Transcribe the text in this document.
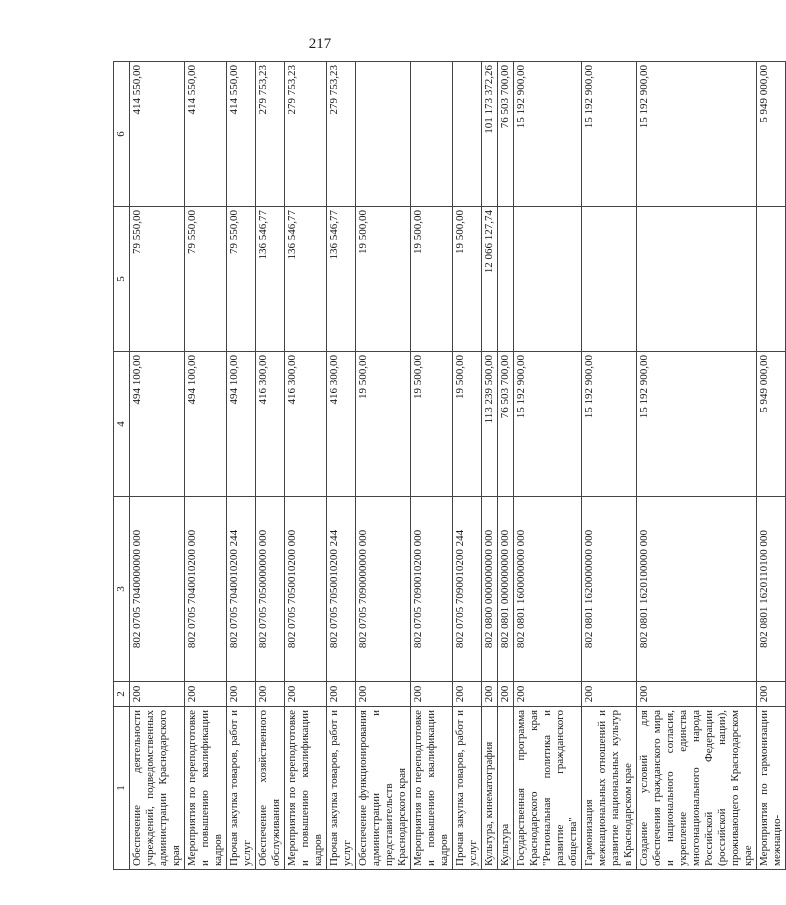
217
1	2	3	4	5	6
Обеспечение деятельности учреждений, подведомственных администрации Краснодарского края	200	802 0705 7040000000 000	494 100,00	79 550,00	414 550,00
Мероприятия по переподготовке и повышению квалификации кадров	200	802 0705 7040010200 000	494 100,00	79 550,00	414 550,00
Прочая закупка товаров, работ и услуг	200	802 0705 7040010200 244	494 100,00	79 550,00	414 550,00
Обеспечение хозяйственного обслуживания	200	802 0705 7050000000 000	416 300,00	136 546,77	279 753,23
Мероприятия по переподготовке и повышению квалификации кадров	200	802 0705 7050010200 000	416 300,00	136 546,77	279 753,23
Прочая закупка товаров, работ и услуг	200	802 0705 7050010200 244	416 300,00	136 546,77	279 753,23
Обеспечение функционирования администрации и представительств Краснодарского края	200	802 0705 7090000000 000	19 500,00	19 500,00	
Мероприятия по переподготовке и повышению квалификации кадров	200	802 0705 7090010200 000	19 500,00	19 500,00	
Прочая закупка товаров, работ и услуг	200	802 0705 7090010200 244	19 500,00	19 500,00	
Культура, кинематография	200	802 0800 0000000000 000	113 239 500,00	12 066 127,74	101 173 372,26
Культура	200	802 0801 0000000000 000	76 503 700,00		76 503 700,00
Государственная программа Краснодарского края "Региональная политика и развитие гражданского общества"	200	802 0801 1600000000 000	15 192 900,00		15 192 900,00
Гармонизация межнациональных отношений и развитие национальных культур в Краснодарском крае	200	802 0801 1620000000 000	15 192 900,00		15 192 900,00
Создание условий для обеспечения гражданского мира и национального согласия, укрепление единства многонационального народа Российской Федерации (российской нации), проживающего в Краснодарском крае	200	802 0801 1620100000 000	15 192 900,00		15 192 900,00
Мероприятия по гармонизации межнацио-	200	802 0801 1620110100 000	5 949 000,00		5 949 000,00
